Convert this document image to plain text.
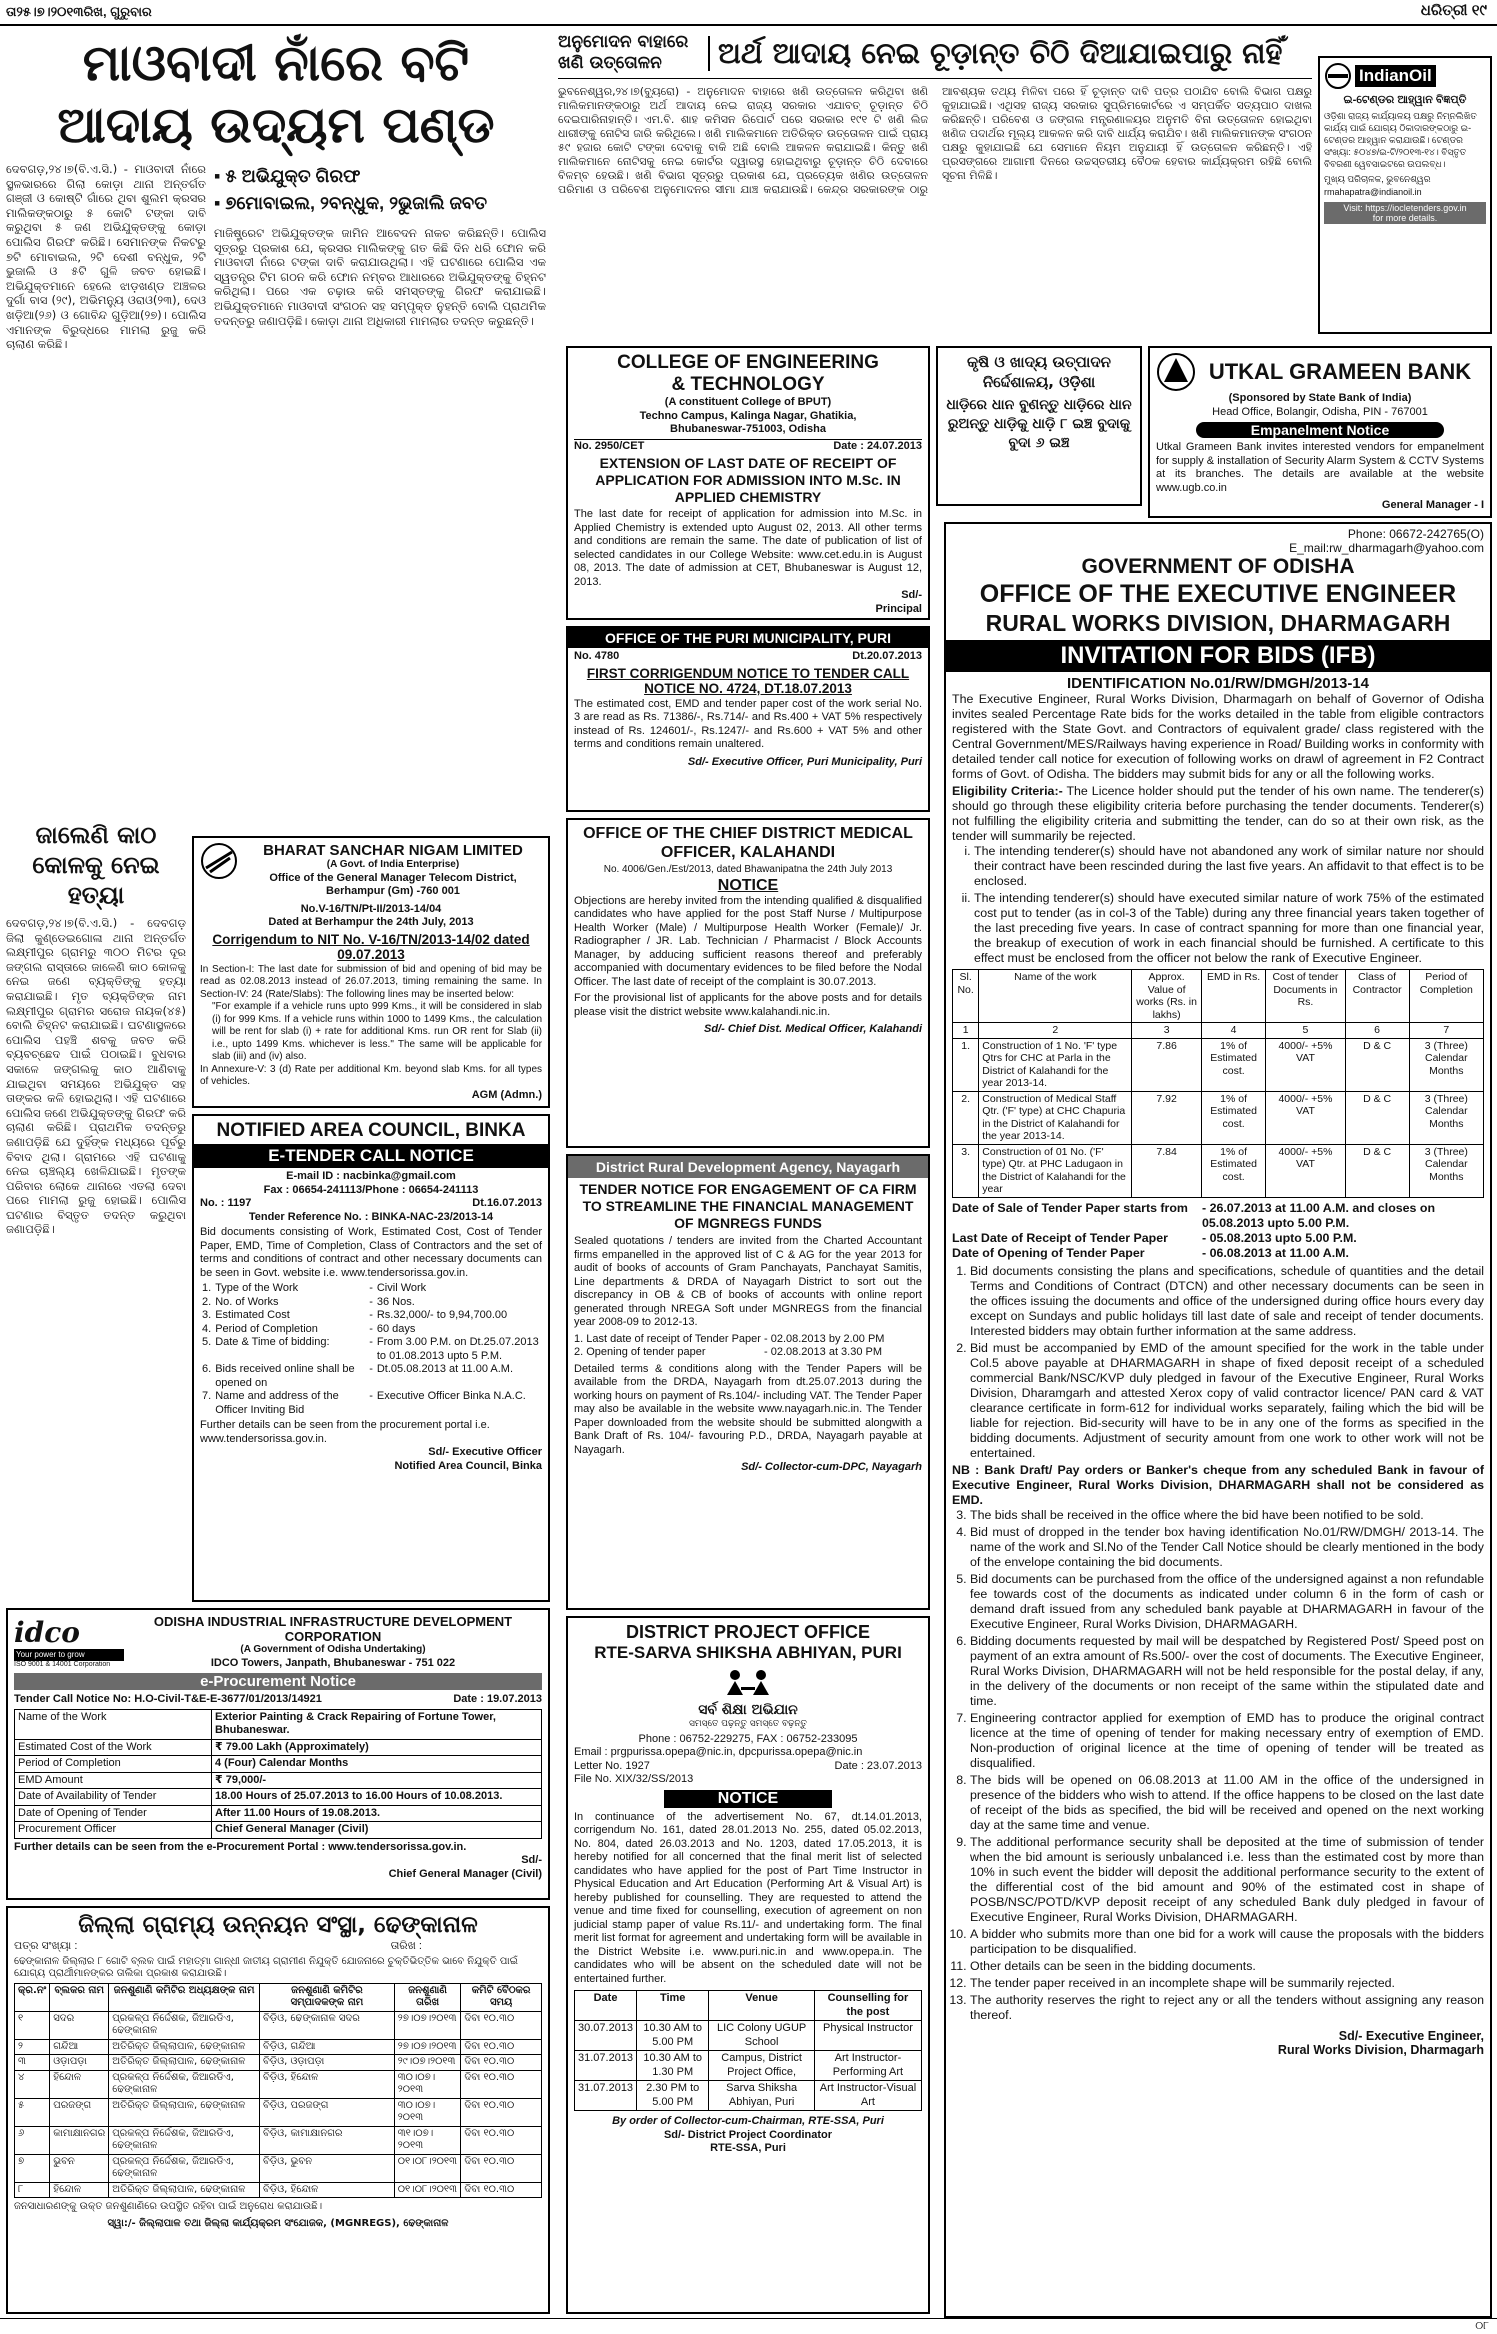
ତା୨୫।୭।୨୦୧୩ରିଖ, ଗୁରୁବାର	ଧରିତ୍ରୀ ୧୯
ମାଓବାଦୀ ନାଁରେ ବଟି
ଆଦାୟ ଉଦ୍ୟମ ପଣ୍ଡ
ଦେବଗଡ଼,୨୪।୭(ବି.ଏ.ସି.) - ମାଓବାଦୀ ନାଁରେ ସ୍ଥଳଭାରରେ ଗିଲା କୋଡ଼ା ଥାନା ଅନ୍ତର୍ଗତ ଗଞ୍ଜୀ ଓ କୋଷ୍ଟି ଗାଁରେ ଥିବା ଶୁଲମ କ୍ରସର ମାଲିକଙ୍କଠାରୁ ୫ କୋଟି ଟଙ୍କା ଦାବି କରୁଥିବା ୫ ଜଣ ଅଭିଯୁକ୍ତଙ୍କୁ କୋଡ଼ା ପୋଲିସ ଗିରଫ କରିଛି। ସେମାନଙ୍କ ନିକଟରୁ ୭ଟି ମୋବାଇଲ, ୨ଟି ଦେଶୀ ବନ୍ଧୁକ, ୨ଟି ଭୁଜାଲି ଓ ୫ଟି ଗୁଳି ଜବତ ହୋଇଛି। ଅଭିଯୁକ୍ତମାନେ ହେଲେ ଝାଡ଼ଖଣ୍ଡ ଅଞ୍ଚଳର ଦୁର୍ଗା ବାସ (୨୯), ଅଭିମନ୍ୟୁ ଓରାଓ(୨୩), ଦେଓ ଖଡ଼ିଆ(୨୬) ଓ ଗୋବିନ୍ଦ ଗୁଡ଼ିଆ(୨୭)। ପୋଲିସ ଏମାନଙ୍କ ବିରୁଦ୍ଧରେ ମାମଲା ରୁଜୁ କରି ଚାଲାଣ କରିଛି।
▪ ୫ ଅଭିଯୁକ୍ତ ଗିରଫ
▪ ୭ମୋବାଇଲ, ୨ବନ୍ଧୁକ, ୨ଭୁଜାଲି ଜବତ
ମାଜିଷ୍ଟ୍ରେଟ ଅଭିଯୁକ୍ତଙ୍କ ଜାମିନ ଆବେଦନ ନାକଚ କରିଛନ୍ତି। ପୋଲିସ ସୂତ୍ରରୁ ପ୍ରକାଶ ଯେ, କ୍ରସର ମାଲିକଙ୍କୁ ଗତ କିଛି ଦିନ ଧରି ଫୋନ କରି ମାଓବାଦୀ ନାଁରେ ଟଙ୍କା ଦାବି କରାଯାଉଥିଲା। ଏହି ଘଟଣାରେ ପୋଲିସ ଏକ ସ୍ୱତନ୍ତ୍ର ଟିମ ଗଠନ କରି ଫୋନ ନମ୍ବର ଆଧାରରେ ଅଭିଯୁକ୍ତଙ୍କୁ ଚିହ୍ନଟ କରିଥିଲା। ପରେ ଏକ ଚଢ଼ାଉ କରି ସମସ୍ତଙ୍କୁ ଗିରଫ କରାଯାଇଛି। ଅଭିଯୁକ୍ତମାନେ ମାଓବାଦୀ ସଂଗଠନ ସହ ସମ୍ପୃକ୍ତ ନୁହନ୍ତି ବୋଲି ପ୍ରାଥମିକ ତଦନ୍ତରୁ ଜଣାପଡ଼ିଛି। କୋଡ଼ା ଥାନା ଅଧିକାରୀ ମାମଲାର ତଦନ୍ତ କରୁଛନ୍ତି।
ଜାଲେଣି କାଠ କୋଳକୁ ନେଇ ହତ୍ୟା
ଦେବଗଡ଼,୨୪।୭(ବି.ଏ.ସି.) - ଦେବଗଡ଼ ଜିଲା କୁଣ୍ଡେଇଗୋଳା ଥାନା ଅନ୍ତର୍ଗତ ଲକ୍ଷ୍ମୀପୁର ଗ୍ରାମରୁ ୩୦୦ ମିଟର ଦୂର ଜଙ୍ଗଲ ରାସ୍ତାରେ ଜାଳେଣି କାଠ କୋଳକୁ ନେଇ ଜଣେ ବ୍ୟକ୍ତିଙ୍କୁ ହତ୍ୟା କରାଯାଇଛି। ମୃତ ବ୍ୟକ୍ତିଙ୍କ ନାମ ଲକ୍ଷ୍ମୀପୁର ଗ୍ରାମର ସରୋଜ ନାୟକ(୪୫) ବୋଲି ଚିହ୍ନଟ କରାଯାଇଛି। ଘଟଣାସ୍ଥଳରେ ପୋଲିସ ପହଞ୍ଚି ଶବକୁ ଜବତ କରି ବ୍ୟବଚ୍ଛେଦ ପାଇଁ ପଠାଇଛି। ବୁଧବାର ସକାଳେ ଜଙ୍ଗଲକୁ କାଠ ଆଣିବାକୁ ଯାଇଥିବା ସମୟରେ ଅଭିଯୁକ୍ତ ସହ ତାଙ୍କର କଳି ହୋଇଥିଲା। ଏହି ଘଟଣାରେ ପୋଲିସ ଜଣେ ଅଭିଯୁକ୍ତଙ୍କୁ ଗିରଫ କରି ଚାଲାଣ କରିଛି। ପ୍ରାଥମିକ ତଦନ୍ତରୁ ଜଣାପଡ଼ିଛି ଯେ ଦୁହିଁଙ୍କ ମଧ୍ୟରେ ପୂର୍ବରୁ ବିବାଦ ଥିଲା। ଗ୍ରାମରେ ଏହି ଘଟଣାକୁ ନେଇ ଚାଞ୍ଚଲ୍ୟ ଖେଳିଯାଇଛି। ମୃତଙ୍କ ପରିବାର ଲୋକେ ଥାନାରେ ଏତଲା ଦେବା ପରେ ମାମଲା ରୁଜୁ ହୋଇଛି। ପୋଲିସ ଘଟଣାର ବିସ୍ତୃତ ତଦନ୍ତ କରୁଥିବା ଜଣାପଡ଼ିଛି।
BHARAT SANCHAR NIGAM LIMITED
(A Govt. of India Enterprise)
Office of the General Manager Telecom District,
Berhampur (Gm) -760 001
No.V-16/TN/Pt-II/2013-14/04
Dated at Berhampur the 24th July, 2013
Corrigendum to NIT No. V-16/TN/2013-14/02 dated 09.07.2013
In Section-I: The last date for submission of bid and opening of bid may be read as 02.08.2013 instead of 26.07.2013, timing remaining the same. In Section-IV: 24 (Rate/Slabs): The following lines may be inserted below:
"For example if a vehicle runs upto 999 Kms., it will be considered in slab (i) for 999 Kms. If a vehicle runs within 1000 to 1499 Kms., the calculation will be rent for slab (i) + rate for additional Kms. run OR rent for Slab (ii) i.e., upto 1499 Kms. whichever is less." The same will be applicable for slab (iii) and (iv) also.
In Annexure-V: 3 (d) Rate per additional Km. beyond slab Kms. for all types of vehicles.
AGM (Admn.)
NOTIFIED AREA COUNCIL, BINKA
E-TENDER CALL NOTICE
E-mail ID : nacbinka@gmail.com
Fax : 06654-241113/Phone : 06654-241113
No. : 1197	Dt.16.07.2013
Tender Reference No. : BINKA-NAC-23/2013-14
Bid documents consisting of Work, Estimated Cost, Cost of Tender Paper, EMD, Time of Completion, Class of Contractors and the set of terms and conditions of contract and other necessary documents can be seen in Govt. website i.e. www.tendersorissa.gov.in.
1.	Type of the Work	-	Civil Work
2.	No. of Works	-	36 Nos.
3.	Estimated Cost	-	Rs.32,000/- to 9,94,700.00
4.	Period of Completion	-	60 days
5.	Date & Time of bidding:	-	From 3.00 P.M. on Dt.25.07.2013 to 01.08.2013 upto 5 P.M.
6.	Bids received online shall be opened on	-	Dt.05.08.2013 at 11.00 A.M.
7.	Name and address of the Officer Inviting Bid	-	Executive Officer Binka N.A.C.
Further details can be seen from the procurement portal i.e. www.tendersorissa.gov.in.
Sd/- Executive Officer
Notified Area Council, Binka
idco
Your power to grow
ISO 9001 & 14001 Corporation
ODISHA INDUSTRIAL INFRASTRUCTURE DEVELOPMENT CORPORATION
(A Government of Odisha Undertaking)
IDCO Towers, Janpath, Bhubaneswar - 751 022
e-Procurement Notice
Tender Call Notice No: H.O-Civil-T&E-E-3677/01/2013/14921	Date : 19.07.2013
Name of the Work	Exterior Painting & Crack Repairing of Fortune Tower, Bhubaneswar.
Estimated Cost of the Work	₹ 79.00 Lakh (Approximately)
Period of Completion	4 (Four) Calendar Months
EMD Amount	₹ 79,000/-
Date of Availability of Tender	18.00 Hours of 25.07.2013 to 16.00 Hours of 10.08.2013.
Date of Opening of Tender	After 11.00 Hours of 19.08.2013.
Procurement Officer	Chief General Manager (Civil)
Further details can be seen from the e-Procurement Portal : www.tendersorissa.gov.in.
Sd/-
Chief General Manager (Civil)
ଜିଲ୍ଲା ଗ୍ରାମ୍ୟ ଉନ୍ନୟନ ସଂସ୍ଥା, ଢେଙ୍କାନାଳ
ପତ୍ର ସଂଖ୍ୟା :	ତାରିଖ :
ଢେଙ୍କାନାଳ ଜିଲ୍ଲାର ୮ ଗୋଟି ବ୍ଲକ ପାଇଁ ମହାତ୍ମା ଗାନ୍ଧୀ ଜାତୀୟ ଗ୍ରାମୀଣ ନିଯୁକ୍ତି ଯୋଜନାରେ ଚୁକ୍ତିଭିତ୍ତିକ ଭାବେ ନିଯୁକ୍ତି ପାଇଁ ଯୋଗ୍ୟ ପ୍ରାର୍ଥୀମାନଙ୍କର ତାଲିକା ପ୍ରକାଶ କରାଯାଉଛି।
କ୍ର.ନଂ	ବ୍ଲକର ନାମ	ଜନଶୁଣାଣି କମିଟିର ଅଧ୍ୟକ୍ଷଙ୍କ ନାମ	ଜନଶୁଣାଣି କମିଟିର ସମ୍ପାଦକଙ୍କ ନାମ	ଜନଶୁଣାଣି ତାରିଖ	କମିଟି ବୈଠକର ସମୟ
୧	ସଦର	ପ୍ରକଳ୍ପ ନିର୍ଦ୍ଦେଶକ, ଜିଆରଡିଏ, ଢେଙ୍କାନାଳ	ବିଡ଼ିଓ, ଢେଙ୍କାନାଳ ସଦର	୨୭।୦୭।୨୦୧୩	ଦିବା ୧୦.୩୦
୨	ଗନ୍ଦିଆ	ଅତିରିକ୍ତ ଜିଲ୍ଲାପାଳ, ଢେଙ୍କାନାଳ	ବିଡ଼ିଓ, ଗନ୍ଦିଆ	୨୭।୦୭।୨୦୧୩	ଦିବା ୧୦.୩୦
୩	ଓଡ଼ାପଡ଼ା	ଅତିରିକ୍ତ ଜିଲ୍ଲାପାଳ, ଢେଙ୍କାନାଳ	ବିଡ଼ିଓ, ଓଡ଼ାପଡ଼ା	୨୯।୦୭।୨୦୧୩	ଦିବା ୧୦.୩୦
୪	ହିନ୍ଦୋଳ	ପ୍ରକଳ୍ପ ନିର୍ଦ୍ଦେଶକ, ଜିଆରଡିଏ, ଢେଙ୍କାନାଳ	ବିଡ଼ିଓ, ହିନ୍ଦୋଳ	୩୦।୦୭।୨୦୧୩	ଦିବା ୧୦.୩୦
୫	ପରଜଙ୍ଗ	ଅତିରିକ୍ତ ଜିଲ୍ଲାପାଳ, ଢେଙ୍କାନାଳ	ବିଡ଼ିଓ, ପରଜଙ୍ଗ	୩୦।୦୭।୨୦୧୩	ଦିବା ୧୦.୩୦
୬	କାମାକ୍ଷାନଗର	ପ୍ରକଳ୍ପ ନିର୍ଦ୍ଦେଶକ, ଜିଆରଡିଏ, ଢେଙ୍କାନାଳ	ବିଡ଼ିଓ, କାମାକ୍ଷାନଗର	୩୧।୦୭।୨୦୧୩	ଦିବା ୧୦.୩୦
୭	ଭୁବନ	ପ୍ରକଳ୍ପ ନିର୍ଦ୍ଦେଶକ, ଜିଆରଡିଏ, ଢେଙ୍କାନାଳ	ବିଡ଼ିଓ, ଭୁବନ	୦୧।୦୮।୨୦୧୩	ଦିବା ୧୦.୩୦
୮	ହିନ୍ଦୋଳ	ଅତିରିକ୍ତ ଜିଲ୍ଲାପାଳ, ଢେଙ୍କାନାଳ	ବିଡ଼ିଓ, ହିନ୍ଦୋଳ	୦୧।୦୮।୨୦୧୩	ଦିବା ୧୦.୩୦
ଜନସାଧାରଣଙ୍କୁ ଉକ୍ତ ଜନଶୁଣାଣିରେ ଉପସ୍ଥିତ ରହିବା ପାଇଁ ଅନୁରୋଧ କରାଯାଉଛି।
ସ୍ୱା:/- ଜିଲ୍ଲାପାଳ ତଥା ଜିଲ୍ଲା କାର୍ଯ୍ୟକ୍ରମ ସଂଯୋଜକ, (MGNREGS), ଢେଙ୍କାନାଳ
ଅନୁମୋଦନ ବାହାରେ ଖଣି ଉତ୍ତୋଳନ	ଅର୍ଥ ଆଦାୟ ନେଇ ଚୂଡ଼ାନ୍ତ ଚିଠି ଦିଆଯାଇପାରୁ ନାହିଁ
ଭୁବନେଶ୍ୱର,୨୪।୭(ବ୍ୟୁରୋ) - ଅନୁମୋଦନ ବାହାରେ ଖଣି ଉତ୍ତୋଳନ କରିଥିବା ଖଣି ମାଲିକମାନଙ୍କଠାରୁ ଅର୍ଥ ଆଦାୟ ନେଇ ରାଜ୍ୟ ସରକାର ଏଯାବତ୍ ଚୂଡ଼ାନ୍ତ ଚିଠି ଦେଇପାରିନାହାନ୍ତି। ଏମ.ବି. ଶାହ କମିସନ ରିପୋର୍ଟ ପରେ ସରକାର ୧୯୧ ଟି ଖଣି ଲିଜ ଧାରୀଙ୍କୁ ନୋଟିସ ଜାରି କରିଥିଲେ। ଖଣି ମାଲିକମାନେ ଅତିରିକ୍ତ ଉତ୍ତୋଳନ ପାଇଁ ପ୍ରାୟ ୫୯ ହଜାର କୋଟି ଟଙ୍କା ଦେବାକୁ ବାକି ଅଛି ବୋଲି ଆକଳନ କରାଯାଇଛି। କିନ୍ତୁ ଖଣି ମାଲିକମାନେ ନୋଟିସକୁ ନେଇ କୋର୍ଟର ଦ୍ୱାରସ୍ଥ ହୋଇଥିବାରୁ ଚୂଡ଼ାନ୍ତ ଚିଠି ଦେବାରେ ବିଳମ୍ବ ହେଉଛି। ଖଣି ବିଭାଗ ସୂତ୍ରରୁ ପ୍ରକାଶ ଯେ, ପ୍ରତ୍ୟେକ ଖଣିର ଉତ୍ତୋଳନ ପରିମାଣ ଓ ପରିବେଶ ଅନୁମୋଦନର ସୀମା ଯାଞ୍ଚ କରାଯାଉଛି। କେନ୍ଦ୍ର ସରକାରଙ୍କ ଠାରୁ ଆବଶ୍ୟକ ତଥ୍ୟ ମିଳିବା ପରେ ହିଁ ଚୂଡ଼ାନ୍ତ ଦାବି ପତ୍ର ପଠାଯିବ ବୋଲି ବିଭାଗ ପକ୍ଷରୁ କୁହାଯାଇଛି। ଏଥିସହ ରାଜ୍ୟ ସରକାର ସୁପ୍ରିମକୋର୍ଟରେ ଏ ସମ୍ପର୍କିତ ସତ୍ୟପାଠ ଦାଖଲ କରିଛନ୍ତି। ପରିବେଶ ଓ ଜଙ୍ଗଲ ମନ୍ତ୍ରଣାଳୟର ଅନୁମତି ବିନା ଉତ୍ତୋଳନ ହୋଇଥିବା ଖଣିଜ ପଦାର୍ଥର ମୂଲ୍ୟ ଆକଳନ କରି ଦାବି ଧାର୍ଯ୍ୟ କରାଯିବ। ଖଣି ମାଲିକମାନଙ୍କ ସଂଗଠନ ପକ୍ଷରୁ କୁହାଯାଇଛି ଯେ ସେମାନେ ନିୟମ ଅନୁଯାୟୀ ହିଁ ଉତ୍ତୋଳନ କରିଛନ୍ତି। ଏହି ପ୍ରସଙ୍ଗରେ ଆଗାମୀ ଦିନରେ ଉଚ୍ଚସ୍ତରୀୟ ବୈଠକ ହେବାର କାର୍ଯ୍ୟକ୍ରମ ରହିଛି ବୋଲି ସୂଚନା ମିଳିଛି।
IndianOil
ଇ-ଟେଣ୍ଡର ଆହ୍ୱାନ ବିଜ୍ଞପ୍ତି
ଓଡ଼ିଶା ରାଜ୍ୟ କାର୍ଯ୍ୟାଳୟ ପକ୍ଷରୁ ନିମ୍ନଲିଖିତ କାର୍ଯ୍ୟ ପାଇଁ ଯୋଗ୍ୟ ଠିକାଦାରଙ୍କଠାରୁ ଇ-ଟେଣ୍ଡର ଆହ୍ୱାନ କରାଯାଉଛି। ଟେଣ୍ଡର ସଂଖ୍ୟା: ୫୦୪୭/ଇ-ଟି/୨୦୧୩-୧୪। ବିସ୍ତୃତ ବିବରଣୀ ୱେବସାଇଟରେ ଉପଲବ୍ଧ।
ମୁଖ୍ୟ ପରିଚାଳକ, ଭୁବନେଶ୍ୱର
rmahapatra@indianoil.in
Visit: https://iocletenders.gov.in
for more details.
COLLEGE OF ENGINEERING
& TECHNOLOGY
(A constituent College of BPUT)
Techno Campus, Kalinga Nagar, Ghatikia,
Bhubaneswar-751003, Odisha
No. 2950/CET	Date : 24.07.2013
EXTENSION OF LAST DATE OF RECEIPT OF APPLICATION FOR ADMISSION INTO M.Sc. IN APPLIED CHEMISTRY
The last date for receipt of application for admission into M.Sc. in Applied Chemistry is extended upto August 02, 2013. All other terms and conditions are remain the same. The date of publication of list of selected candidates in our College Website: www.cet.edu.in is August 08, 2013. The date of admission at CET, Bhubaneswar is August 12, 2013.
Sd/-
Principal
କୃଷି ଓ ଖାଦ୍ୟ ଉତ୍ପାଦନ ନିର୍ଦ୍ଦେଶାଳୟ, ଓଡ଼ିଶା
ଧାଡ଼ିରେ ଧାନ ବୁଣନ୍ତୁ ଧାଡ଼ିରେ ଧାନ ରୁଅନ୍ତୁ ଧାଡ଼ିକୁ ଧାଡ଼ି ୮ ଇଞ୍ଚ ବୁଦାକୁ ବୁଦା ୬ ଇଞ୍ଚ
UTKAL GRAMEEN BANK
(Sponsored by State Bank of India)
Head Office, Bolangir, Odisha, PIN - 767001
Empanelment Notice
Utkal Grameen Bank invites interested vendors for empanelment for supply & installation of Security Alarm System & CCTV Systems at its branches. The details are available at the website www.ugb.co.in
General Manager - I
OFFICE OF THE PURI MUNICIPALITY, PURI
No. 4780	Dt.20.07.2013
FIRST CORRIGENDUM NOTICE TO TENDER CALL NOTICE NO. 4724, DT.18.07.2013
The estimated cost, EMD and tender paper cost of the work serial No. 3 are read as Rs. 71386/-, Rs.714/- and Rs.400 + VAT 5% respectively instead of Rs. 124601/-, Rs.1247/- and Rs.600 + VAT 5% and other terms and conditions remain unaltered.
Sd/- Executive Officer, Puri Municipality, Puri
OFFICE OF THE CHIEF DISTRICT MEDICAL OFFICER, KALAHANDI
No. 4006/Gen./Est/2013, dated Bhawanipatna the 24th July 2013
NOTICE
Objections are hereby invited from the intending qualified & disqualified candidates who have applied for the post Staff Nurse / Multipurpose Health Worker (Male) / Multipurpose Health Worker (Female)/ Jr. Radiographer / JR. Lab. Technician / Pharmacist / Block Accounts Manager, by adducing sufficient reasons thereof and preferably accompanied with documentary evidences to be filed before the Nodal Officer. The last date of receipt of the complaint is 30.07.2013.
For the provisional list of applicants for the above posts and for details please visit the district website www.kalahandi.nic.in.
Sd/- Chief Dist. Medical Officer, Kalahandi
District Rural Development Agency, Nayagarh
TENDER NOTICE FOR ENGAGEMENT OF CA FIRM TO STREAMLINE THE FINANCIAL MANAGEMENT OF MGNREGS FUNDS
Sealed quotations / tenders are invited from the Charted Accountant firms empanelled in the approved list of C & AG for the year 2013 for audit of books of accounts of Gram Panchayats, Panchayat Samitis, Line departments & DRDA of Nayagarh District to sort out the discrepancy in OB & CB of books of accounts with online report generated through NREGA Soft under MGNREGS from the financial year 2008-09 to 2012-13.
1. Last date of receipt of Tender Paper - 02.08.2013 by 2.00 PM
2. Opening of tender paper	- 02.08.2013 at 3.30 PM
Detailed terms & conditions along with the Tender Papers will be available from the DRDA, Nayagarh from dt.25.07.2013 during the working hours on payment of Rs.104/- including VAT. The Tender Paper may also be available in the website www.nayagarh.nic.in. The Tender Paper downloaded from the website should be submitted alongwith a Bank Draft of Rs. 104/- favouring P.D., DRDA, Nayagarh payable at Nayagarh.
Sd/- Collector-cum-DPC, Nayagarh
DISTRICT PROJECT OFFICE
RTE-SARVA SHIKSHA ABHIYAN, PURI
ସର୍ବ ଶିକ୍ଷା ଅଭିଯାନ
ସମସ୍ତେ ପଢ଼ନ୍ତୁ ସମସ୍ତେ ବଢ଼ନ୍ତୁ
Phone : 06752-229275, FAX : 06752-233095
Email : prgpurissa.opepa@nic.in, dpcpurissa.opepa@nic.in
Letter No. 1927	Date : 23.07.2013
File No. XIX/32/SS/2013
NOTICE
In continuance of the advertisement No. 67, dt.14.01.2013, corrigendum No. 161, dated 28.01.2013 No. 255, dated 05.02.2013, No. 804, dated 26.03.2013 and No. 1203, dated 17.05.2013, it is hereby notified for all concerned that the final merit list of selected candidates who have applied for the post of Part Time Instructor in Physical Education and Art Education (Performing Art & Visual Art) is hereby published for counselling. They are requested to attend the venue and time fixed for counselling, execution of agreement on non judicial stamp paper of value Rs.11/- and undertaking form. The final merit list format for agreement and undertaking form will be available in the District Website i.e. www.puri.nic.in and www.opepa.in. The candidates who will be absent on the scheduled date will not be entertained further.
Date	Time	Venue	Counselling for the post
30.07.2013	10.30 AM to 5.00 PM	LIC Colony UGUP School	Physical Instructor
31.07.2013	10.30 AM to 1.30 PM	Campus, District Project Office,	Art Instructor-Performing Art
31.07.2013	2.30 PM to 5.00 PM	Sarva Shiksha Abhiyan, Puri	Art Instructor-Visual Art
By order of Collector-cum-Chairman, RTE-SSA, Puri
Sd/- District Project Coordinator
RTE-SSA, Puri
Phone: 06672-242765(O)
E_mail:rw_dharmagarh@yahoo.com
GOVERNMENT OF ODISHA
OFFICE OF THE EXECUTIVE ENGINEER
RURAL WORKS DIVISION, DHARMAGARH
INVITATION FOR BIDS (IFB)
IDENTIFICATION No.01/RW/DMGH/2013-14
The Executive Engineer, Rural Works Division, Dharmagarh on behalf of Governor of Odisha invites sealed Percentage Rate bids for the works detailed in the table from eligible contractors registered with the State Govt. and Contractors of equivalent grade/ class registered with the Central Government/MES/Railways having experience in Road/ Building works in conformity with detailed tender call notice for execution of following works on drawl of agreement in F2 Contract forms of Govt. of Odisha. The bidders may submit bids for any or all the following works.
Eligibility Criteria:- The Licence holder should put the tender of his own name. The tenderer(s) should go through these eligibility criteria before purchasing the tender documents. Tenderer(s) not fulfilling the eligibility criteria and submitting the tender, can do so at their own risk, as the tender will summarily be rejected.
i. The intending tenderer(s) should have not abandoned any work of similar nature nor should their contract have been rescinded during the last five years. An affidavit to that effect is to be enclosed.
ii. The intending tenderer(s) should have executed similar nature of work 75% of the estimated cost put to tender (as in col-3 of the Table) during any three financial years taken together of the last preceding five years. In case of contract spanning for more than one financial year, the breakup of execution of work in each financial should be furnished. A certificate to this effect must be enclosed from the officer not below the rank of Executive Engineer.
Sl. No.	Name of the work	Approx. Value of works (Rs. in lakhs)	EMD in Rs.	Cost of tender Documents in Rs.	Class of Contractor	Period of Completion
1	2	3	4	5	6	7
1.	Construction of 1 No. 'F' type Qtrs for CHC at Parla in the District of Kalahandi for the year 2013-14.	7.86	1% of Estimated cost.	4000/- +5% VAT	D & C	3 (Three) Calendar Months
2.	Construction of Medical Staff Qtr. ('F' type) at CHC Chapuria in the District of Kalahandi for the year 2013-14.	7.92	1% of Estimated cost.	4000/- +5% VAT	D & C	3 (Three) Calendar Months
3.	Construction of 01 No. ('F' type) Qtr. at PHC Ladugaon in the District of Kalahandi for the year	7.84	1% of Estimated cost.	4000/- +5% VAT	D & C	3 (Three) Calendar Months
Date of Sale of Tender Paper starts from	- 26.07.2013 at 11.00 A.M. and closes on 05.08.2013 upto 5.00 P.M.
Last Date of Receipt of Tender Paper	- 05.08.2013 upto 5.00 P.M.
Date of Opening of Tender Paper	- 06.08.2013 at 11.00 A.M.
1. Bid documents consisting the plans and specifications, schedule of quantities and the detail Terms and Conditions of Contract (DTCN) and other necessary documents can be seen in the offices issuing the documents and office of the undersigned during office hours every day except on Sundays and public holidays till last date of sale and receipt of tender documents. Interested bidders may obtain further information at the same address.
2. Bid must be accompanied by EMD of the amount specified for the work in the table under Col.5 above payable at DHARMAGARH in shape of fixed deposit receipt of a scheduled commercial Bank/NSC/KVP duly pledged in favour of the Executive Engineer, Rural Works Division, Dharamgarh and attested Xerox copy of valid contractor licence/ PAN card & VAT clearance certificate in form-612 for individual works separately, failing which the bid will be liable for rejection. Bid-security will have to be in any one of the forms as specified in the bidding documents. Adjustment of security amount from one work to other work will not be entertained.
NB : Bank Draft/ Pay orders or Banker's cheque from any scheduled Bank in favour of Executive Engineer, Rural Works Division, DHARMAGARH shall not be considered as EMD.
3. The bids shall be received in the office where the bid have been notified to be sold.
4. Bid must of dropped in the tender box having identification No.01/RW/DMGH/ 2013-14. The name of the work and Sl.No of the Tender Call Notice should be clearly mentioned in the body of the envelope containing the bid documents.
5. Bid documents can be purchased from the office of the undersigned against a non refundable fee towards cost of the documents as indicated under column 6 in the form of cash or demand draft issued from any scheduled bank payable at DHARMAGARH in favour of the Executive Engineer, Rural Works Division, DHARMAGARH.
6. Bidding documents requested by mail will be despatched by Registered Post/ Speed post on payment of an extra amount of Rs.500/- over the cost of documents. The Executive Engineer, Rural Works Division, DHARMAGARH will not be held responsible for the postal delay, if any, in the delivery of the documents or non receipt of the same within the stipulated date and time.
7. Engineering contractor applied for exemption of EMD has to produce the original contract licence at the time of opening of tender for making necessary entry of exemption of EMD. Non-production of original licence at the time of opening of tender will be treated as disqualified.
8. The bids will be opened on 06.08.2013 at 11.00 AM in the office of the undersigned in presence of the bidders who wish to attend. If the office happens to be closed on the last date of receipt of the bids as specified, the bid will be received and opened on the next working day at the same time and venue.
9. The additional performance security shall be deposited at the time of submission of tender when the bid amount is seriously unbalanced i.e. less than the estimated cost by more than 10% in such event the bidder will deposit the additional performance security to the extent of the differential cost of the bid amount and 90% of the estimated cost in shape of POSB/NSC/POTD/KVP deposit receipt of any scheduled Bank duly pledged in favour of Executive Engineer, Rural Works Division, DHARMAGARH.
10. A bidder who submits more than one bid for a work will cause the proposals with the bidders participation to be disqualified.
11. Other details can be seen in the bidding documents.
12. The tender paper received in an incomplete shape will be summarily rejected.
13. The authority reserves the right to reject any or all the tenders without assigning any reason thereof.
Sd/- Executive Engineer,
Rural Works Division, Dharmagarh
୦୮
